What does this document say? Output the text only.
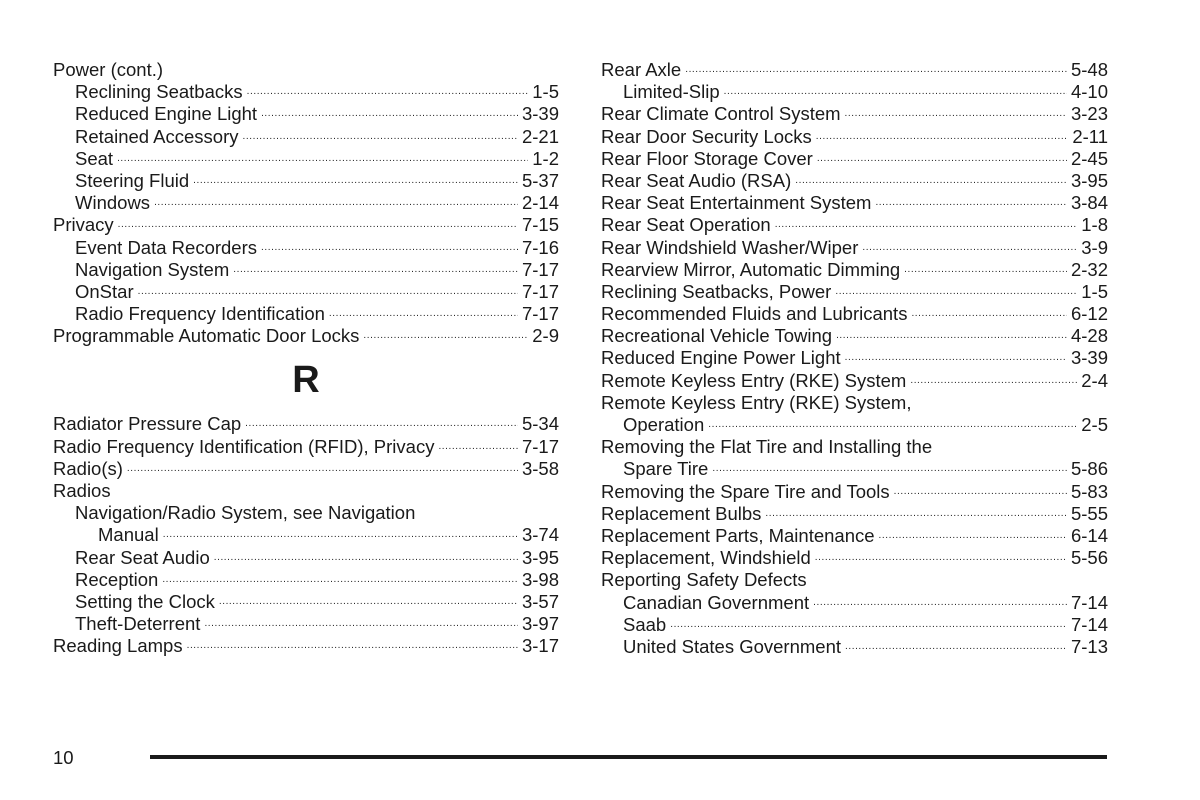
Power (cont.)
Reclining Seatbacks . . .	1-5
Reduced Engine Light . . .	3-39
Retained Accessory . . .	2-21
Seat . . .	1-2
Steering Fluid . . .	5-37
Windows . . .	2-14
Privacy . . .	7-15
Event Data Recorders . . .	7-16
Navigation System . . .	7-17
OnStar . . .	7-17
Radio Frequency Identification . . .	7-17
Programmable Automatic Door Locks . . .	2-9
R
Radiator Pressure Cap . . .	5-34
Radio Frequency Identification (RFID), Privacy . . .	7-17
Radio(s) . . .	3-58
Radios
Navigation/Radio System, see Navigation
Manual . . .	3-74
Rear Seat Audio . . .	3-95
Reception . . .	3-98
Setting the Clock . . .	3-57
Theft-Deterrent . . .	3-97
Reading Lamps . . .	3-17
Rear Axle . . .	5-48
Limited-Slip . . .	4-10
Rear Climate Control System . . .	3-23
Rear Door Security Locks . . .	2-11
Rear Floor Storage Cover . . .	2-45
Rear Seat Audio (RSA) . . .	3-95
Rear Seat Entertainment System . . .	3-84
Rear Seat Operation . . .	1-8
Rear Windshield Washer/Wiper . . .	3-9
Rearview Mirror, Automatic Dimming . . .	2-32
Reclining Seatbacks, Power . . .	1-5
Recommended Fluids and Lubricants . . .	6-12
Recreational Vehicle Towing . . .	4-28
Reduced Engine Power Light . . .	3-39
Remote Keyless Entry (RKE) System . . .	2-4
Remote Keyless Entry (RKE) System,
Operation . . .	2-5
Removing the Flat Tire and Installing the
Spare Tire . . .	5-86
Removing the Spare Tire and Tools . . .	5-83
Replacement Bulbs . . .	5-55
Replacement Parts, Maintenance . . .	6-14
Replacement, Windshield . . .	5-56
Reporting Safety Defects
Canadian Government . . .	7-14
Saab . . .	7-14
United States Government . . .	7-13
10
